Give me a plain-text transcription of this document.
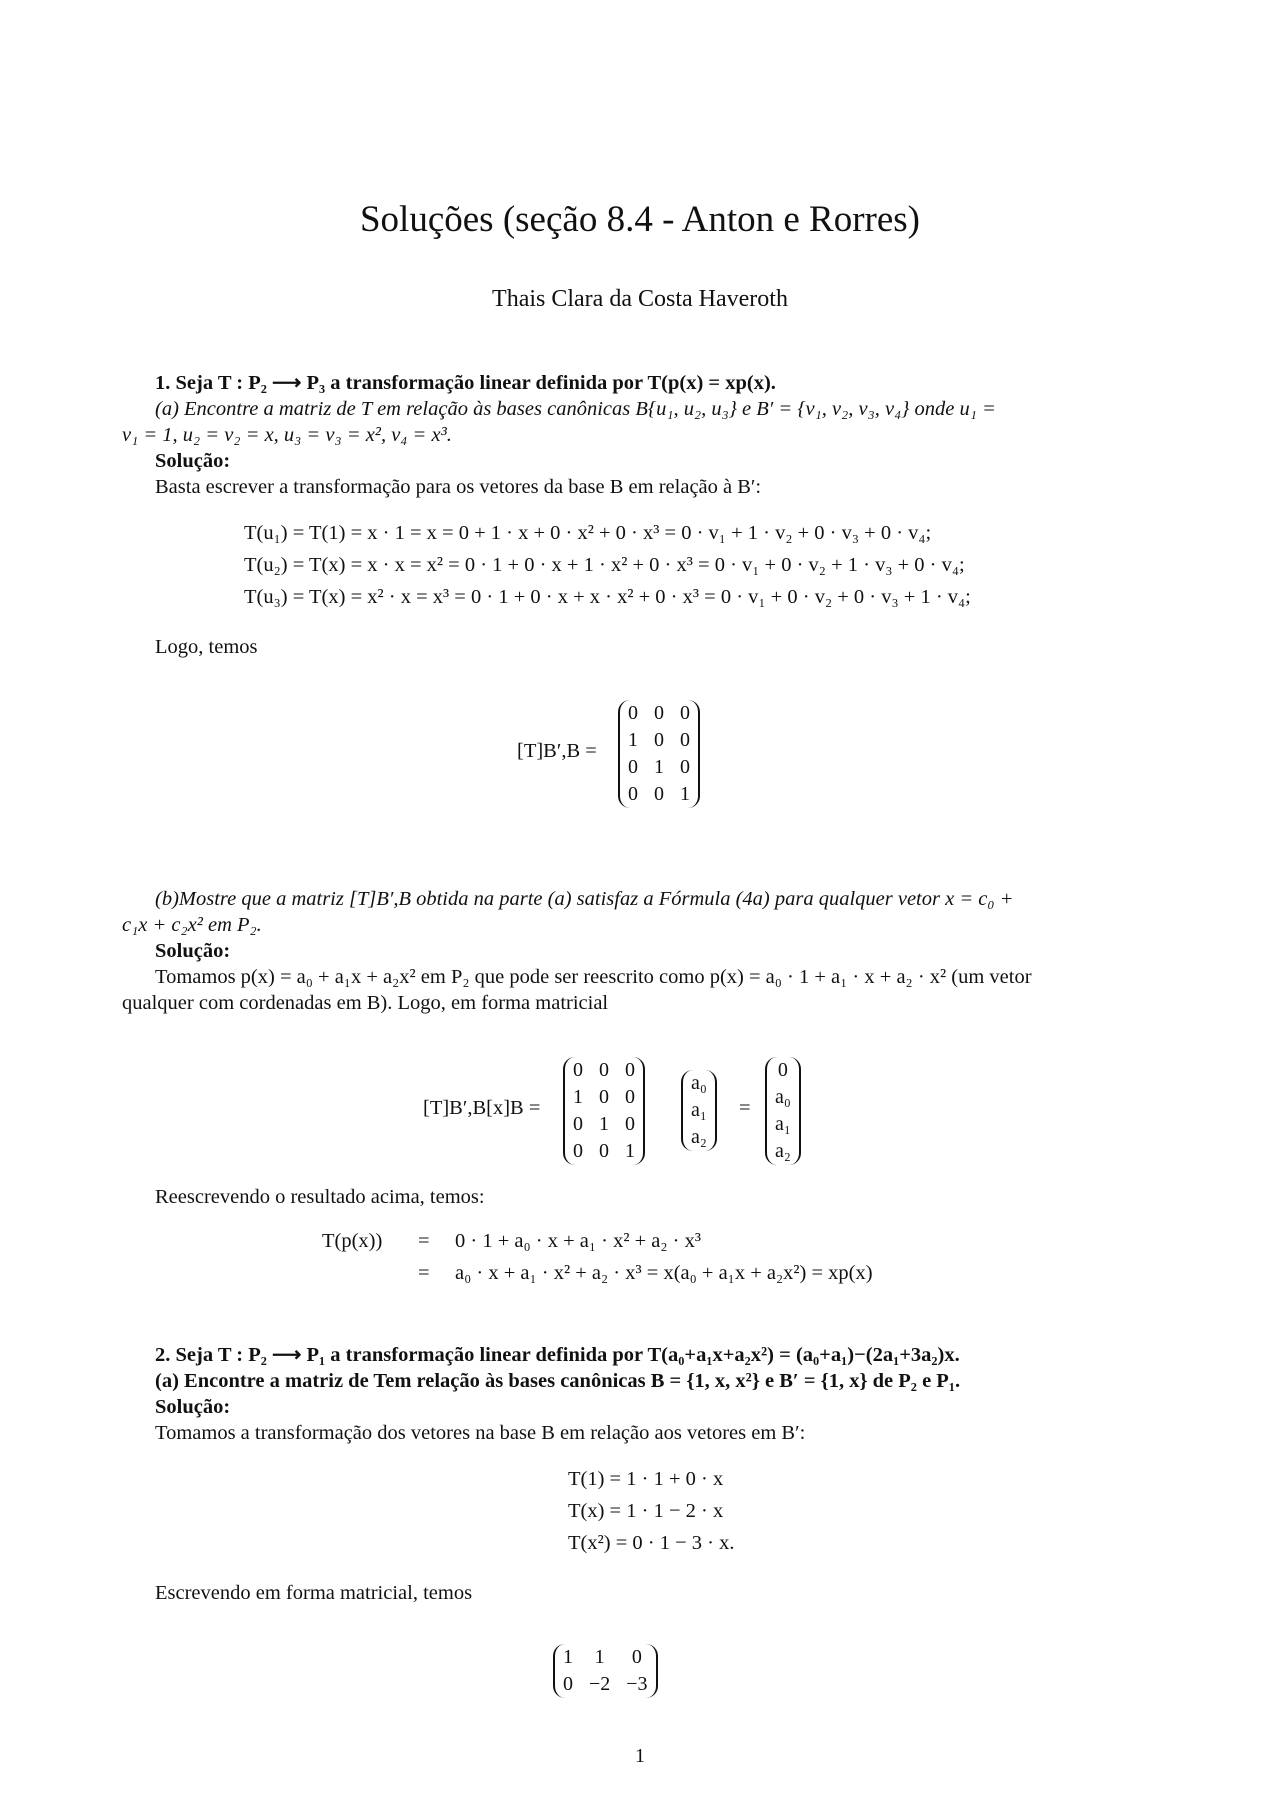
Soluções (seção 8.4 - Anton e Rorres)
Thais Clara da Costa Haveroth
1. Seja T : P₂ ⟶ P₃ a transformação linear definida por T(p(x) = xp(x).
(a) Encontre a matriz de T em relação às bases canônicas B{u₁, u₂, u₃} e B′ = {v₁, v₂, v₃, v₄} onde u₁ =
v₁ = 1, u₂ = v₂ = x, u₃ = v₃ = x², v₄ = x³.
Solução:
Basta escrever a transformação para os vetores da base B em relação à B′:
T(u₁) = T(1) = x · 1 = x = 0 + 1 · x + 0 · x² + 0 · x³ = 0 · v₁ + 1 · v₂ + 0 · v₃ + 0 · v₄;
T(u₂) = T(x) = x · x = x² = 0 · 1 + 0 · x + 1 · x² + 0 · x³ = 0 · v₁ + 0 · v₂ + 1 · v₃ + 0 · v₄;
T(u₃) = T(x) = x² · x = x³ = 0 · 1 + 0 · x + x · x² + 0 · x³ = 0 · v₁ + 0 · v₂ + 0 · v₃ + 1 · v₄;
Logo, temos
[T]B′,B =
0	0	0
1	0	0
0	1	0
0	0	1
(b)Mostre que a matriz [T]B′,B obtida na parte (a) satisfaz a Fórmula (4a) para qualquer vetor x = c₀ +
c₁x + c₂x² em P₂.
Solução:
Tomamos p(x) = a₀ + a₁x + a₂x² em P₂ que pode ser reescrito como p(x) = a₀ · 1 + a₁ · x + a₂ · x² (um vetor
qualquer com cordenadas em B). Logo, em forma matricial
[T]B′,B[x]B =
0	0	0
1	0	0
0	1	0
0	0	1
a₀
a₁
a₂
=
0
a₀
a₁
a₂
Reescrevendo o resultado acima, temos:
T(p(x)) = 0 · 1 + a₀ · x + a₁ · x² + a₂ · x³
= a₀ · x + a₁ · x² + a₂ · x³ = x(a₀ + a₁x + a₂x²) = xp(x)
2. Seja T : P₂ ⟶ P₁ a transformação linear definida por T(a₀+a₁x+a₂x²) = (a₀+a₁)−(2a₁+3a₂)x.
(a) Encontre a matriz de Tem relação às bases canônicas B = {1, x, x²} e B′ = {1, x} de P₂ e P₁.
Solução:
Tomamos a transformação dos vetores na base B em relação aos vetores em B′:
T(1) = 1 · 1 + 0 · x
T(x) = 1 · 1 − 2 · x
T(x²) = 0 · 1 − 3 · x.
Escrevendo em forma matricial, temos
1	1	0
0	−2	−3
1
